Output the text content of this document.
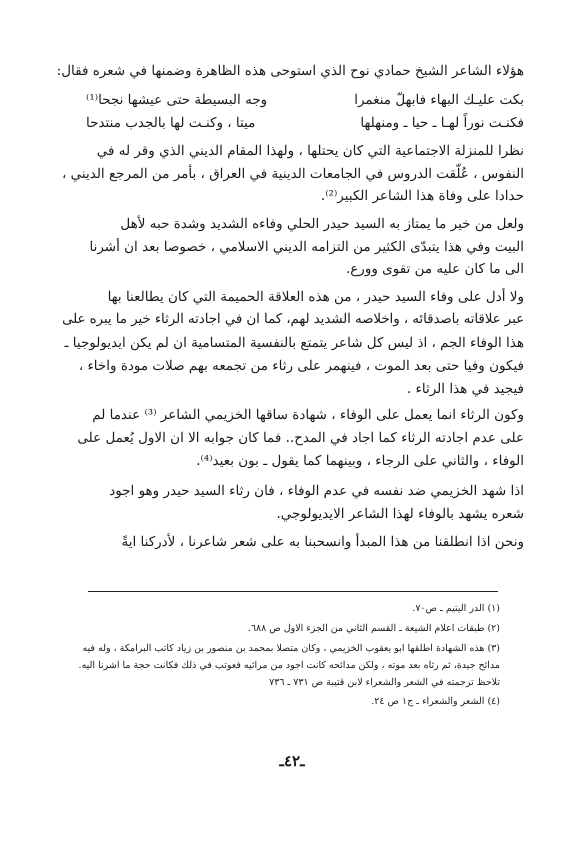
هؤلاء الشاعر الشيخ حمادي نوح الذي استوحى هذه الظاهرة وضمنها في شعره فقال:
بكت عليـك البهاء فابهلّ منغمرا
وجه البسيطة حتى عيشها نجحا⁽¹⁾
فكنـت نوراً لهـا ـ حيا ـ ومنهلها
ميتا ، وكنـت لها بالجدب منتدحا
نظرا للمنزلة الاجتماعية التي كان يحتلها ، ولهذا المقام الديني الذي وقر له في
النفوس ، عُلّقت الدروس في الجامعات الدينية في العراق ، بأمر من المرجع الديني ،
حدادا على وفاة هذا الشاعر الكبير⁽²⁾.
ولعل من خير ما يمتاز به السيد حيدر الحلي وفاءه الشديد وشدة حبه لأهل
البيت وفي هذا يتبدّى الكثير من التزامه الديني الاسلامي ، خصوصا بعد ان أشرنا
الى ما كان عليه من تقوى وورع.
ولا أدل على وفاء السيد حيدر ، من هذه العلاقة الحميمة التي كان يطالعنا بها
عبر علاقاته باصدقائه ، واخلاصه الشديد لهم، كما ان في اجادته الرثاء خير ما يبره على
هذا الوفاء الجم ، اذ ليس كل شاعر يتمتع بالنفسية المتسامية ان لم يكن ايديولوجيا ـ
فيكون وفيا حتى بعد الموت ، فينهمر على رثاء من تجمعه بهم صلات مودة واخاء ،
فيجيد في هذا الرثاء .
وكون الرثاء انما يعمل على الوفاء ، شهادة ساقها الخزيمي الشاعر ⁽³⁾ عندما لم
على عدم اجادته الرثاء كما اجاد في المدح.. فما كان جوابه الا ان الاول يُعمل على
الوفاء ، والثاني على الرجاء ، وبينهما كما يقول ـ بون بعيد⁽⁴⁾.
اذا شهد الخزيمي ضد نفسه في عدم الوفاء ، فان رثاء السيد حيدر وهو اجود
شعره يشهد بالوفاء لهذا الشاعر الايديولوجي.
ونحن اذا انطلقنا من هذا المبدأ وانسحبنا به على شعر شاعرنا ، لأدركنا ايةً
(١) الدر اليتيم ـ ص٧٠.
(٢) طبقات اعلام الشيعة ـ القسم الثاني من الجزء الاول ص ٦٨٨.
(٣) هذه الشهادة اطلقها ابو يعقوب الخزيمي ، وكان متصلا بمحمد بن منصور بن زياد كاتب البرامكة ، وله فيه
مدائح جيدة، ثم رثاه بعد موته ، ولكن مدائحه كانت اجود من مراثيه فعوتب في ذلك فكانت حجة ما اشرنا اليه.
تلاحظ ترجمته في الشعر والشعراء لابن قتيبة ص ٧٣١ ـ ٧٣٦
(٤) الشعر والشعراء ـ ج١ ص ٢٤.
ـ٤٢ـ
